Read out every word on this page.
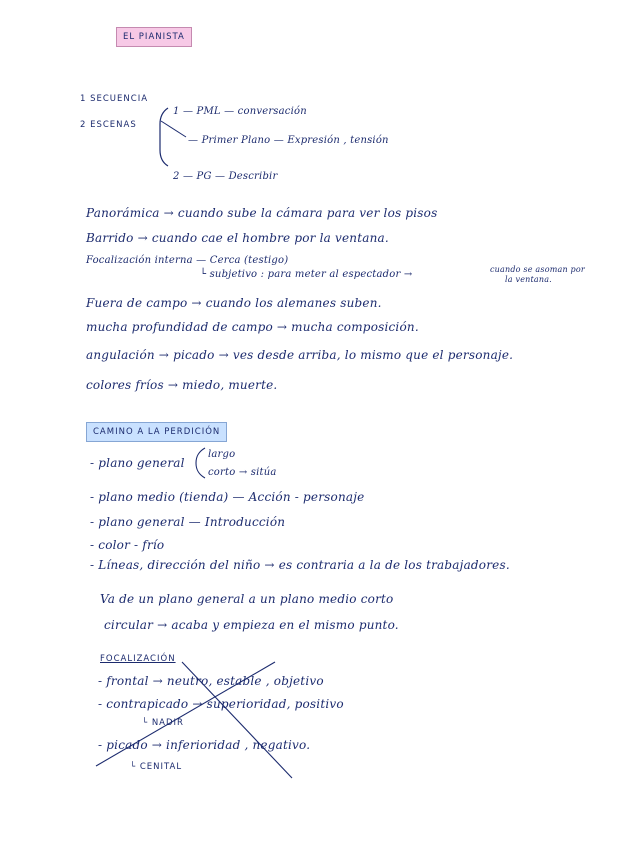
EL PIANISTA
1 SECUENCIA
2 ESCENAS
1 — PML — conversación
— Primer Plano — Expresión , tensión
2 — PG — Describir
Panorámica → cuando sube la cámara para ver los pisos
Barrido → cuando cae el hombre por la ventana.
Focalización interna — Cerca (testigo)
└ subjetivo : para meter al espectador →	cuando se asoman por
la ventana.
Fuera de campo → cuando los alemanes suben.
mucha profundidad de campo → mucha composición.
angulación → picado → ves desde arriba, lo mismo que el personaje.
colores fríos → miedo, muerte.
CAMINO A LA PERDICIÓN
- plano general
largo
corto → sitúa
- plano medio (tienda) — Acción - personaje
- plano general — Introducción
- color - frío
- Líneas, dirección del niño → es contraria a la de los trabajadores.
Va de un plano general a un plano medio corto
circular → acaba y empieza en el mismo punto.
FOCALIZACIÓN
- frontal → neutro, estable , objetivo
- contrapicado → superioridad, positivo
└ NADIR
- picado → inferioridad , negativo.
└ CENITAL
